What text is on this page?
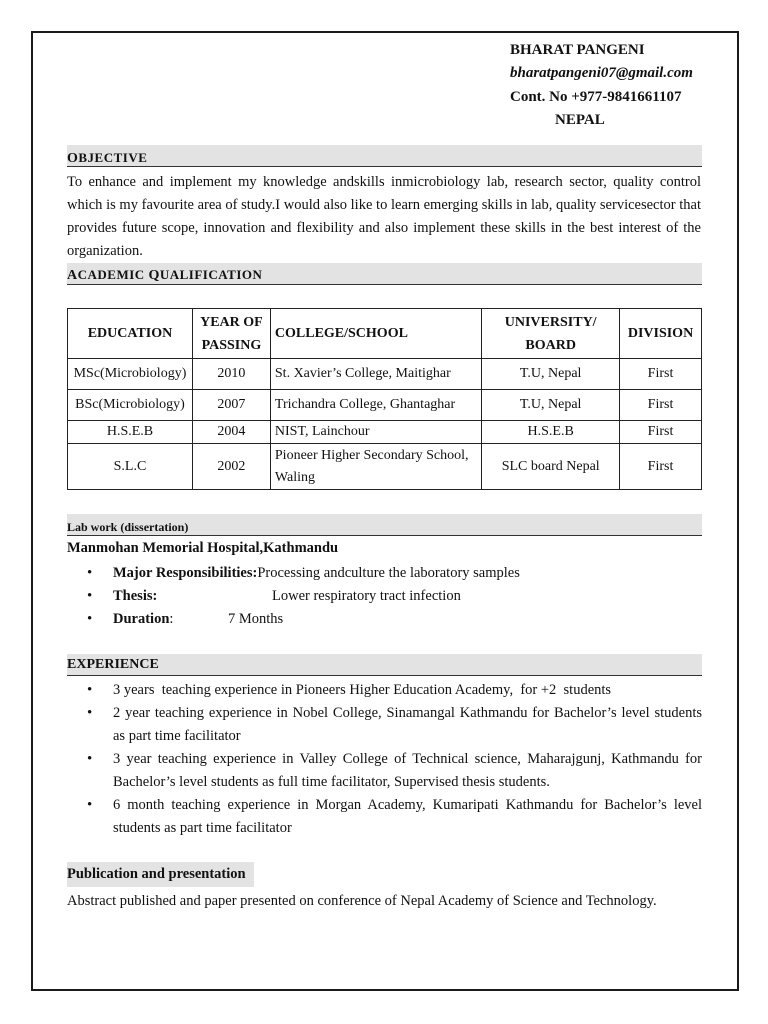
BHARAT PANGENI
bharatpangeni07@gmail.com
Cont. No +977-9841661107
NEPAL
OBJECTIVE
To enhance and implement my knowledge andskills inmicrobiology lab, research sector, quality control which is my favourite area of study.I would also like to learn emerging skills in lab, quality servicesector that provides future scope, innovation and flexibility and also implement these skills in the best interest of the organization.
ACADEMIC QUALIFICATION
EDUCATION	YEAR OF PASSING	COLLEGE/SCHOOL	UNIVERSITY/ BOARD	DIVISION
MSc(Microbiology)	2010	St. Xavier’s College, Maitighar	T.U, Nepal	First
BSc(Microbiology)	2007	Trichandra College, Ghantaghar	T.U, Nepal	First
H.S.E.B	2004	NIST, Lainchour	H.S.E.B	First
S.L.C	2002	Pioneer Higher Secondary School, Waling	SLC board Nepal	First
Lab work (dissertation)
Manmohan Memorial Hospital,Kathmandu
• Major Responsibilities:Processing andculture the laboratory samples
• Thesis:	Lower respiratory tract infection
• Duration:	7 Months
EXPERIENCE
• 3 years  teaching experience in Pioneers Higher Education Academy,  for +2  students
• 2 year teaching experience in Nobel College, Sinamangal Kathmandu for Bachelor’s level students as part time facilitator
• 3 year teaching experience in Valley College of Technical science, Maharajgunj, Kathmandu for Bachelor’s level students as full time facilitator, Supervised thesis students.
• 6 month teaching experience in Morgan Academy, Kumaripati Kathmandu for Bachelor’s level students as part time facilitator
Publication and presentation
Abstract published and paper presented on conference of Nepal Academy of Science and Technology.
